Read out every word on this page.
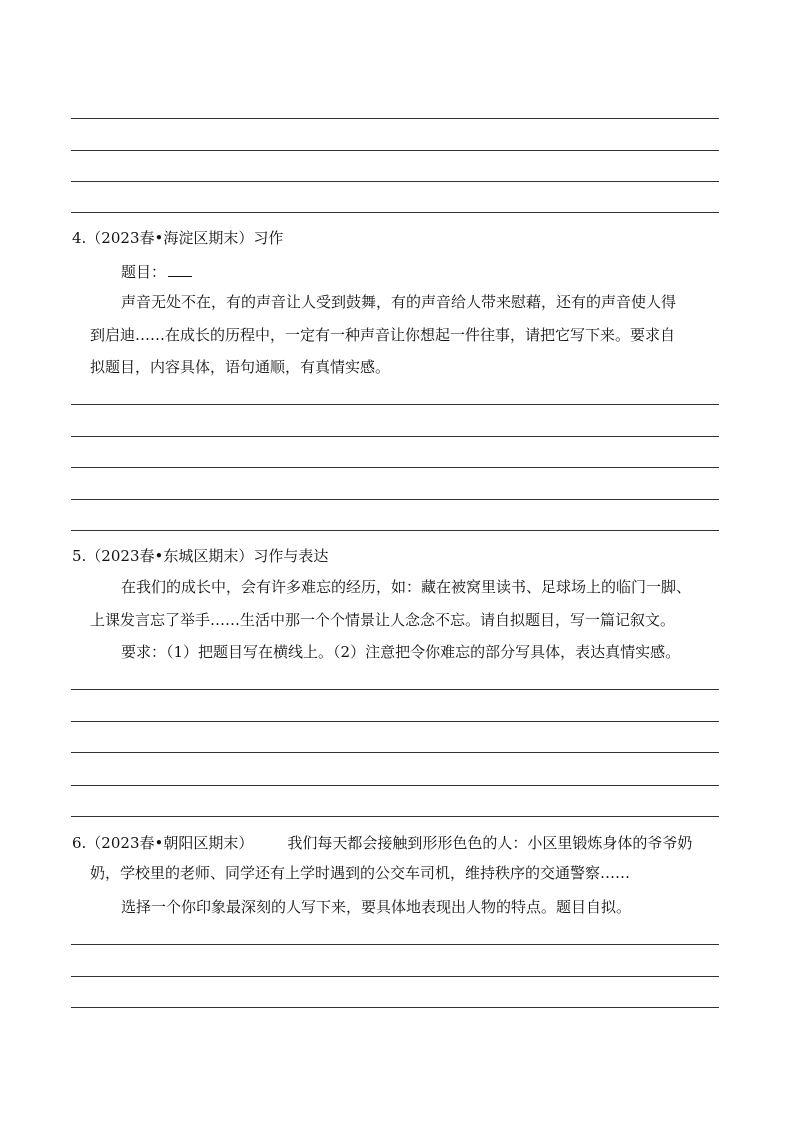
4.（2023春•海淀区期末）习作
题目：
声音无处不在，有的声音让人受到鼓舞，有的声音给人带来慰藉，还有的声音使人得
到启迪……在成长的历程中，一定有一种声音让你想起一件往事，请把它写下来。要求自
拟题目，内容具体，语句通顺，有真情实感。
5.（2023春•东城区期末）习作与表达
在我们的成长中，会有许多难忘的经历，如：藏在被窝里读书、足球场上的临门一脚、
上课发言忘了举手……生活中那一个个情景让人念念不忘。请自拟题目，写一篇记叙文。
要求：（1）把题目写在横线上。（2）注意把令你难忘的部分写具体，表达真情实感。
6.（2023春•朝阳区期末） 我们每天都会接触到形形色色的人：小区里锻炼身体的爷爷奶
奶，学校里的老师、同学还有上学时遇到的公交车司机，维持秩序的交通警察……
选择一个你印象最深刻的人写下来，要具体地表现出人物的特点。题目自拟。
